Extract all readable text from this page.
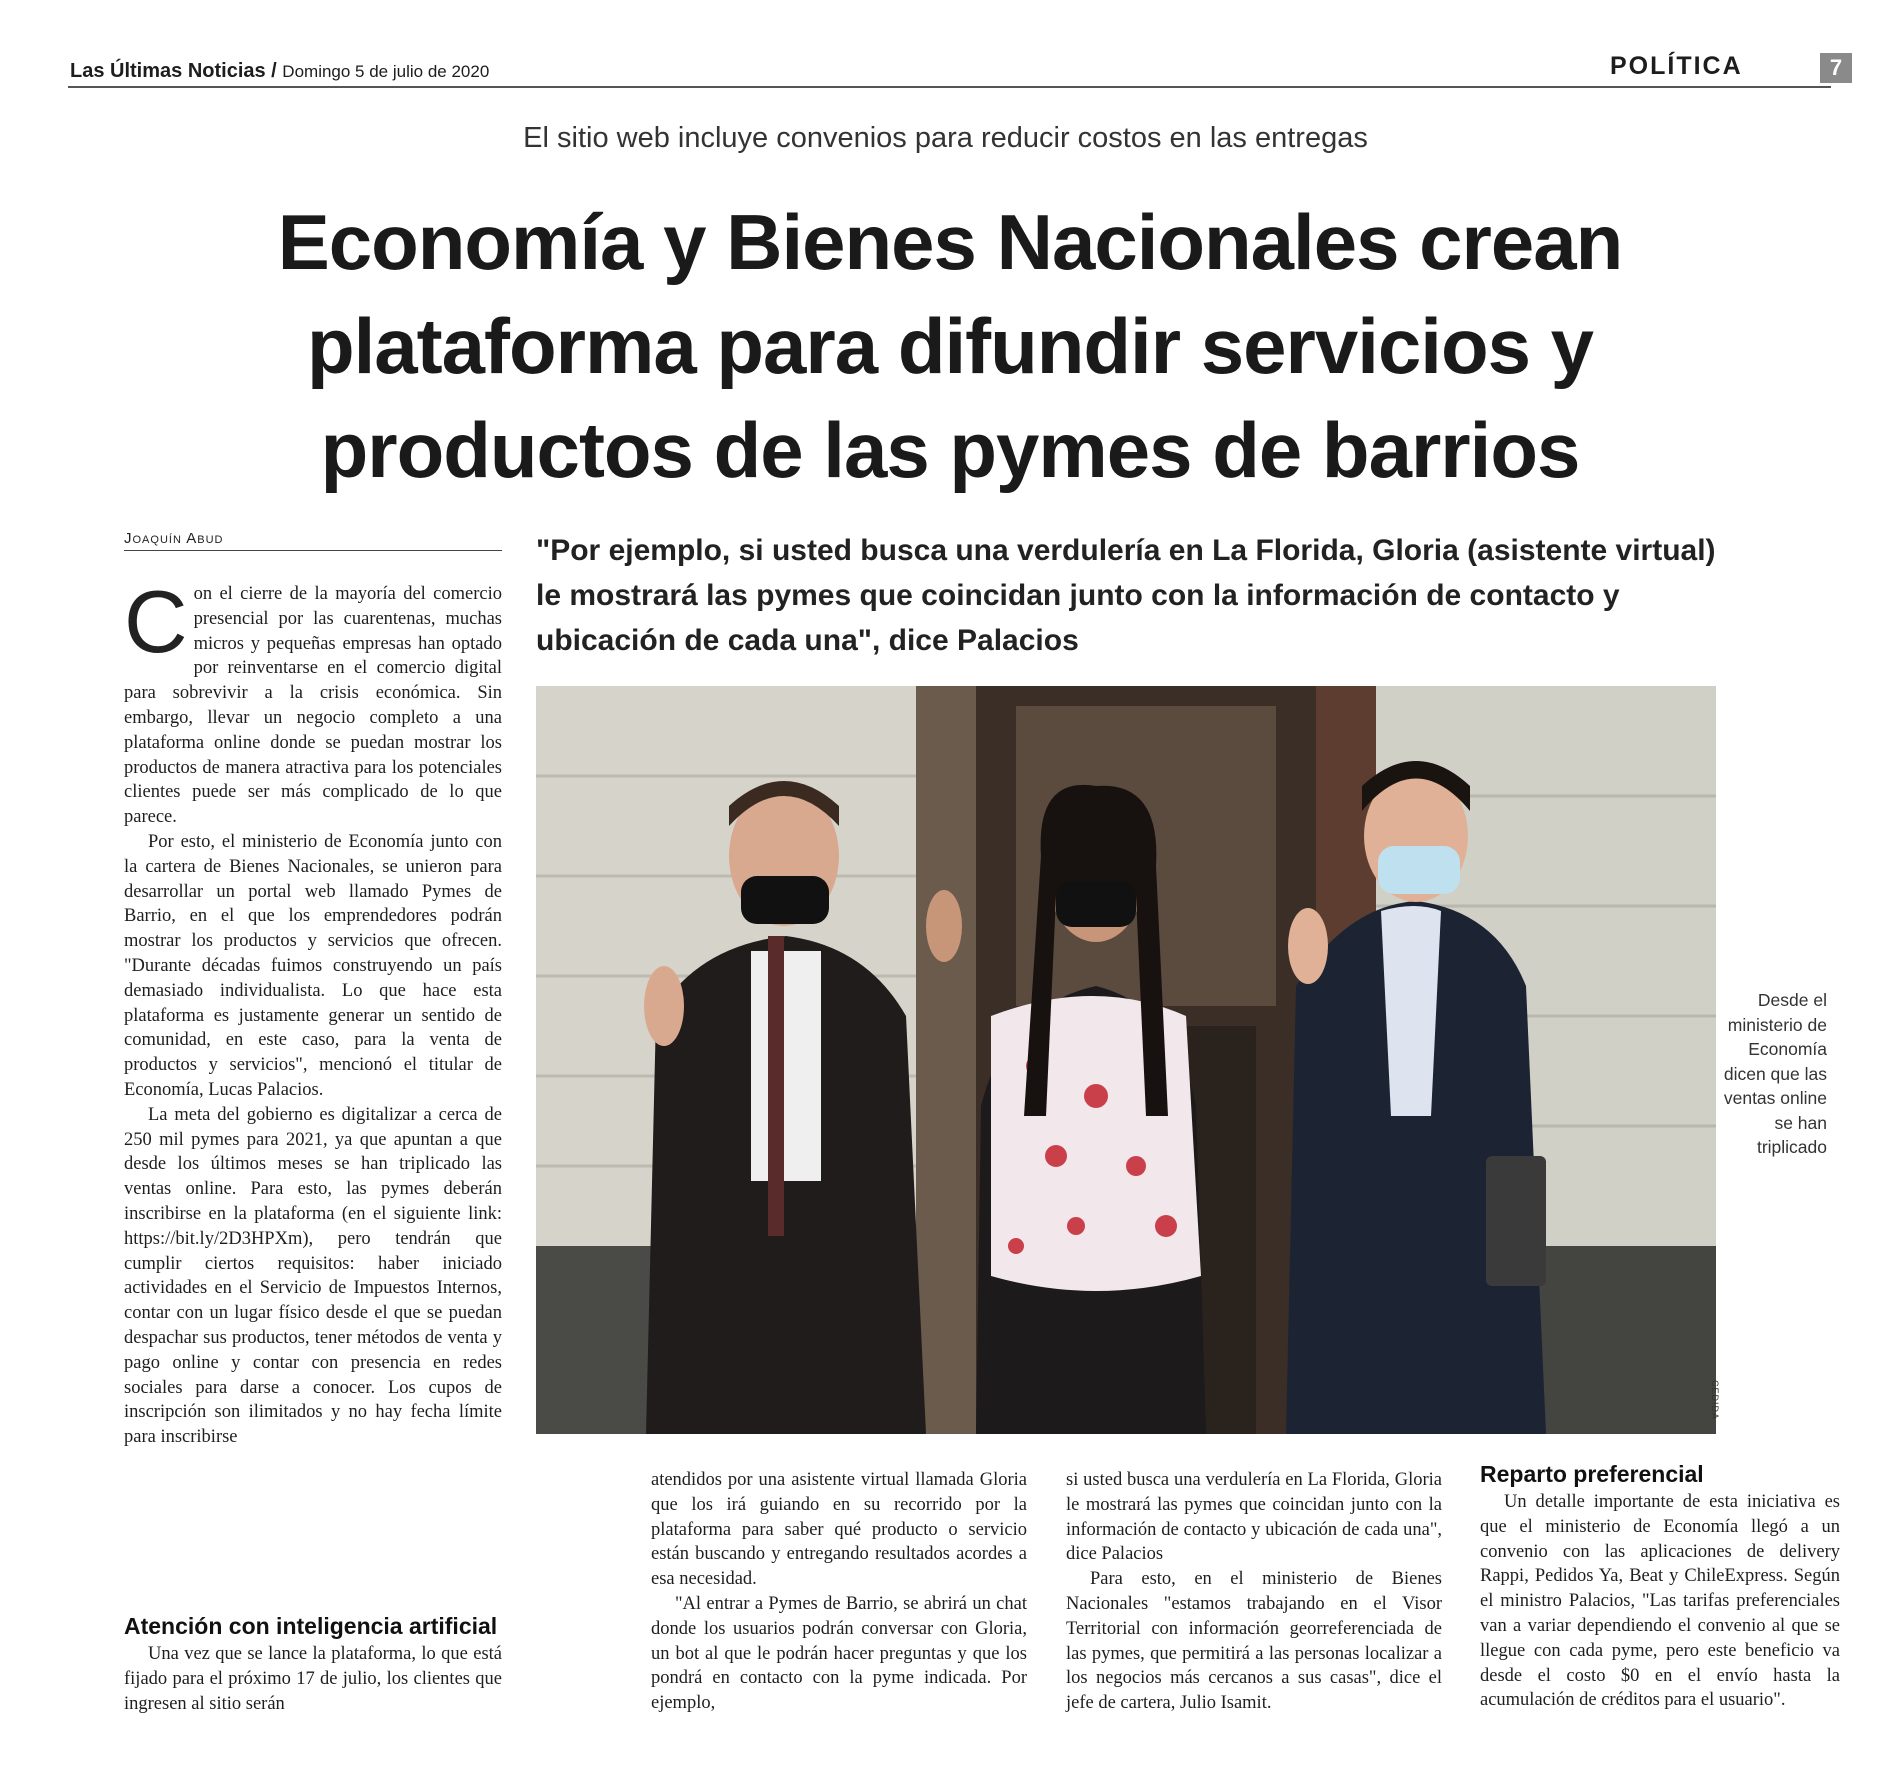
Las Últimas Noticias / Domingo 5 de julio de 2020	POLÍTICA	7
El sitio web incluye convenios para reducir costos en las entregas
Economía y Bienes Nacionales crean
plataforma para difundir servicios y
productos de las pymes de barrios
Joaquín Abud	"Por ejemplo, si usted busca una verdulería en La Florida, Gloria (asistente virtual) le mostrará las pymes que coincidan junto con la información de contacto y ubicación de cada una", dice Palacios
C on el cierre de la mayoría del comercio presencial por las cuarentenas, muchas micros y pequeñas empresas han optado por reinventarse en el comercio digital para sobrevivir a la crisis económica. Sin embargo, llevar un negocio completo a una plataforma online donde se puedan mostrar los productos de manera atractiva para los potenciales clientes puede ser más complicado de lo que parece.

Por esto, el ministerio de Economía junto con la cartera de Bienes Nacionales, se unieron para desarrollar un portal web llamado Pymes de Barrio, en el que los emprendedores podrán mostrar los productos y servicios que ofrecen. "Durante décadas fuimos construyendo un país demasiado individualista. Lo que hace esta plataforma es justamente generar un sentido de comunidad, en este caso, para la venta de productos y servicios", mencionó el titular de Economía, Lucas Palacios.

La meta del gobierno es digitalizar a cerca de 250 mil pymes para 2021, ya que apuntan a que desde los últimos meses se han triplicado las ventas online. Para esto, las pymes deberán inscribirse en la plataforma (en el siguiente link: https://bit.ly/2D3HPXm), pero tendrán que cumplir ciertos requisitos: haber iniciado actividades en el Servicio de Impuestos Internos, contar con un lugar físico desde el que se puedan despachar sus productos, tener métodos de venta y pago online y contar con presencia en redes sociales para darse a conocer. Los cupos de inscripción son ilimitados y no hay fecha límite para inscribirse

Atención con inteligencia artificial

Una vez que se lance la plataforma, lo que está fijado para el próximo 17 de julio, los clientes que ingresen al sitio serán

CEDIDA
Desde el ministerio de Economía dicen que las ventas online se han triplicado

atendidos por una asistente virtual llamada Gloria que los irá guiando en su recorrido por la plataforma para saber qué producto o servicio están buscando y entregando resultados acordes a esa necesidad.

"Al entrar a Pymes de Barrio, se abrirá un chat donde los usuarios podrán conversar con Gloria, un bot al que le podrán hacer preguntas y que los pondrá en contacto con la pyme indicada. Por ejemplo,

si usted busca una verdulería en La Florida, Gloria le mostrará las pymes que coincidan junto con la información de contacto y ubicación de cada una", dice Palacios

Para esto, en el ministerio de Bienes Nacionales "estamos trabajando en el Visor Territorial con información georreferenciada de las pymes, que permitirá a las personas localizar a los negocios más cercanos a sus casas", dice el jefe de cartera, Julio Isamit.

Reparto preferencial

Un detalle importante de esta iniciativa es que el ministerio de Economía llegó a un convenio con las aplicaciones de delivery Rappi, Pedidos Ya, Beat y ChileExpress. Según el ministro Palacios, "Las tarifas preferenciales van a variar dependiendo el convenio al que se llegue con cada pyme, pero este beneficio va desde el costo $0 en el envío hasta la acumulación de créditos para el usuario".
